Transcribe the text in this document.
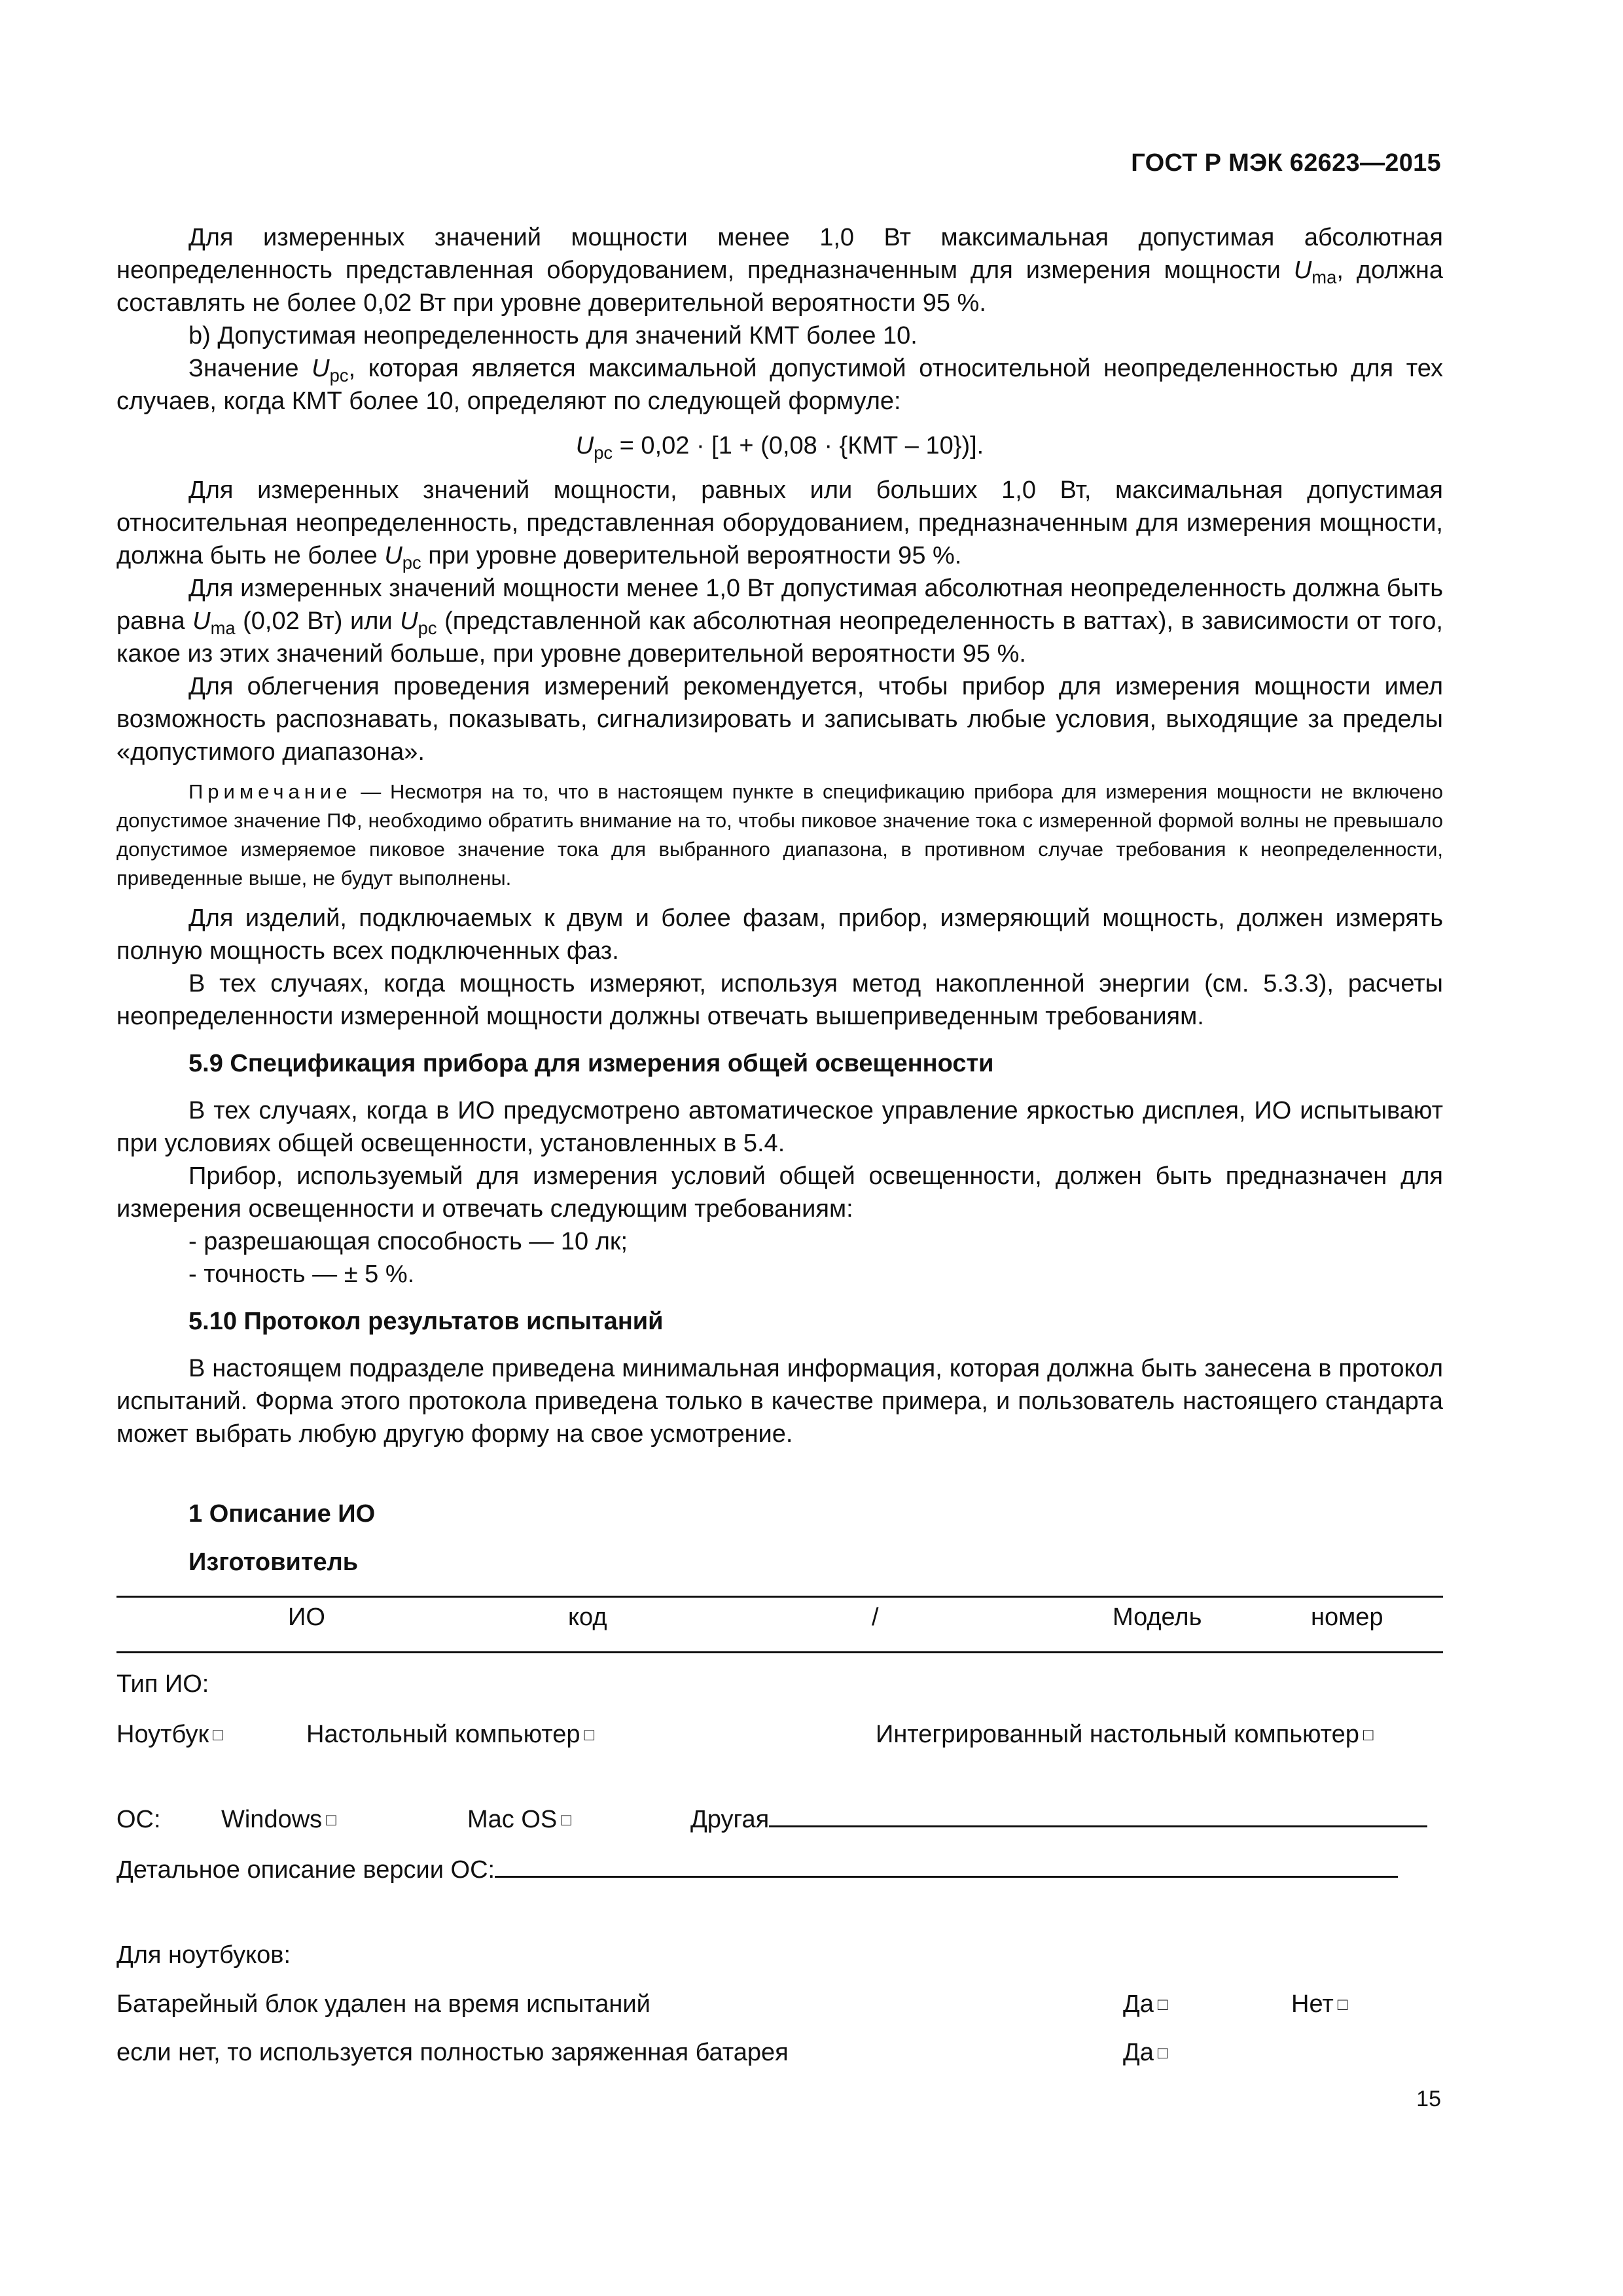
ГОСТ Р МЭК 62623—2015

Для измеренных значений мощности менее 1,0 Вт максимальная допустимая абсолютная неопределенность представленная оборудованием, предназначенным для измерения мощности $U_{ma}$, должна составлять не более 0,02 Вт при уровне доверительной вероятности 95 %.

b) Допустимая неопределенность для значений КМТ более 10.

Значение $U_{pc}$, которая является максимальной допустимой относительной неопределенностью для тех случаев, когда КМТ более 10, определяют по следующей формуле:

$U_{pc} = 0,02 \cdot [1 + (0,08 \cdot \{КМТ - 10\})]$.

Для измеренных значений мощности, равных или больших 1,0 Вт, максимальная допустимая относительная неопределенность, представленная оборудованием, предназначенным для измерения мощности, должна быть не более $U_{pc}$ при уровне доверительной вероятности 95 %.

Для измеренных значений мощности менее 1,0 Вт допустимая абсолютная неопределенность должна быть равна $U_{ma}$ (0,02 Вт) или $U_{pc}$ (представленной как абсолютная неопределенность в ваттах), в зависимости от того, какое из этих значений больше, при уровне доверительной вероятности 95 %.

Для облегчения проведения измерений рекомендуется, чтобы прибор для измерения мощности имел возможность распознавать, показывать, сигнализировать и записывать любые условия, выходящие за пределы «допустимого диапазона».

Примечание — Несмотря на то, что в настоящем пункте в спецификацию прибора для измерения мощности не включено допустимое значение ПФ, необходимо обратить внимание на то, чтобы пиковое значение тока с измеренной формой волны не превышало допустимое измеряемое пиковое значение тока для выбранного диапазона, в противном случае требования к неопределенности, приведенные выше, не будут выполнены.

Для изделий, подключаемых к двум и более фазам, прибор, измеряющий мощность, должен измерять полную мощность всех подключенных фаз.

В тех случаях, когда мощность измеряют, используя метод накопленной энергии (см. 5.3.3), расчеты неопределенности измеренной мощности должны отвечать вышеприведенным требованиям.

5.9 Спецификация прибора для измерения общей освещенности

В тех случаях, когда в ИО предусмотрено автоматическое управление яркостью дисплея, ИО испытывают при условиях общей освещенности, установленных в 5.4.

Прибор, используемый для измерения условий общей освещенности, должен быть предназначен для измерения освещенности и отвечать следующим требованиям:

- разрешающая способность — 10 лк;

- точность — ± 5 %.

5.10 Протокол результатов испытаний

В настоящем подразделе приведена минимальная информация, которая должна быть занесена в протокол испытаний. Форма этого протокола приведена только в качестве примера, и пользователь настоящего стандарта может выбрать любую другую форму на свое усмотрение.

1 Описание ИО
Изготовитель
ИО	код	/	Модель	номер
Тип ИО:
Ноутбук □	Настольный компьютер □	Интегрированный настольный компьютер □
ОС: Windows □	Mac OS □	Другая
Детальное описание версии ОС:
Для ноутбуков:
Батарейный блок удален на время испытаний	Да □	Нет □
если нет, то используется полностью заряженная батарея	Да □
15
